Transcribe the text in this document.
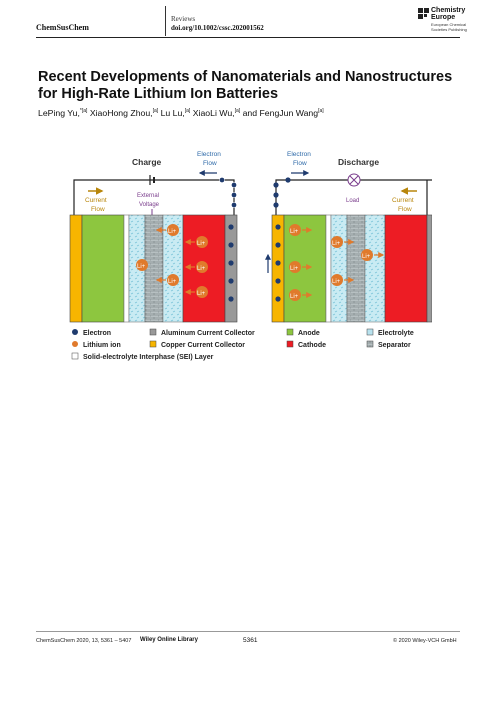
ChemSusChem
Reviews
doi.org/10.1002/cssc.202001562
Chemistry
Europe
European Chemical
Societies Publishing
Recent Developments of Nanomaterials and Nanostructures for High-Rate Lithium Ion Batteries
LePing Yu,$^{*[a]}$ XiaoHong Zhou,[a] Lu Lu,[a] XiaoLi Wu,[a] and FengJun Wang[a]
Charge
Electron
Flow
External
Voltage
Current
Flow
Li+
Li+
Li+	Li+
Li+
Li+
Electron
Flow	Discharge
Load	Current
Flow
Li+
Li+
Li+
Li+
Li+
Li+
Electron	Aluminum Current Collector	Anode	Electrolyte
Lithium ion	Copper Current Collector	Cathode	Separator
Solid-electrolyte Interphase (SEI) Layer
ChemSusChem 2020, 13, 5361 – 5407 Wiley Online Library	5361	© 2020 Wiley-VCH GmbH
